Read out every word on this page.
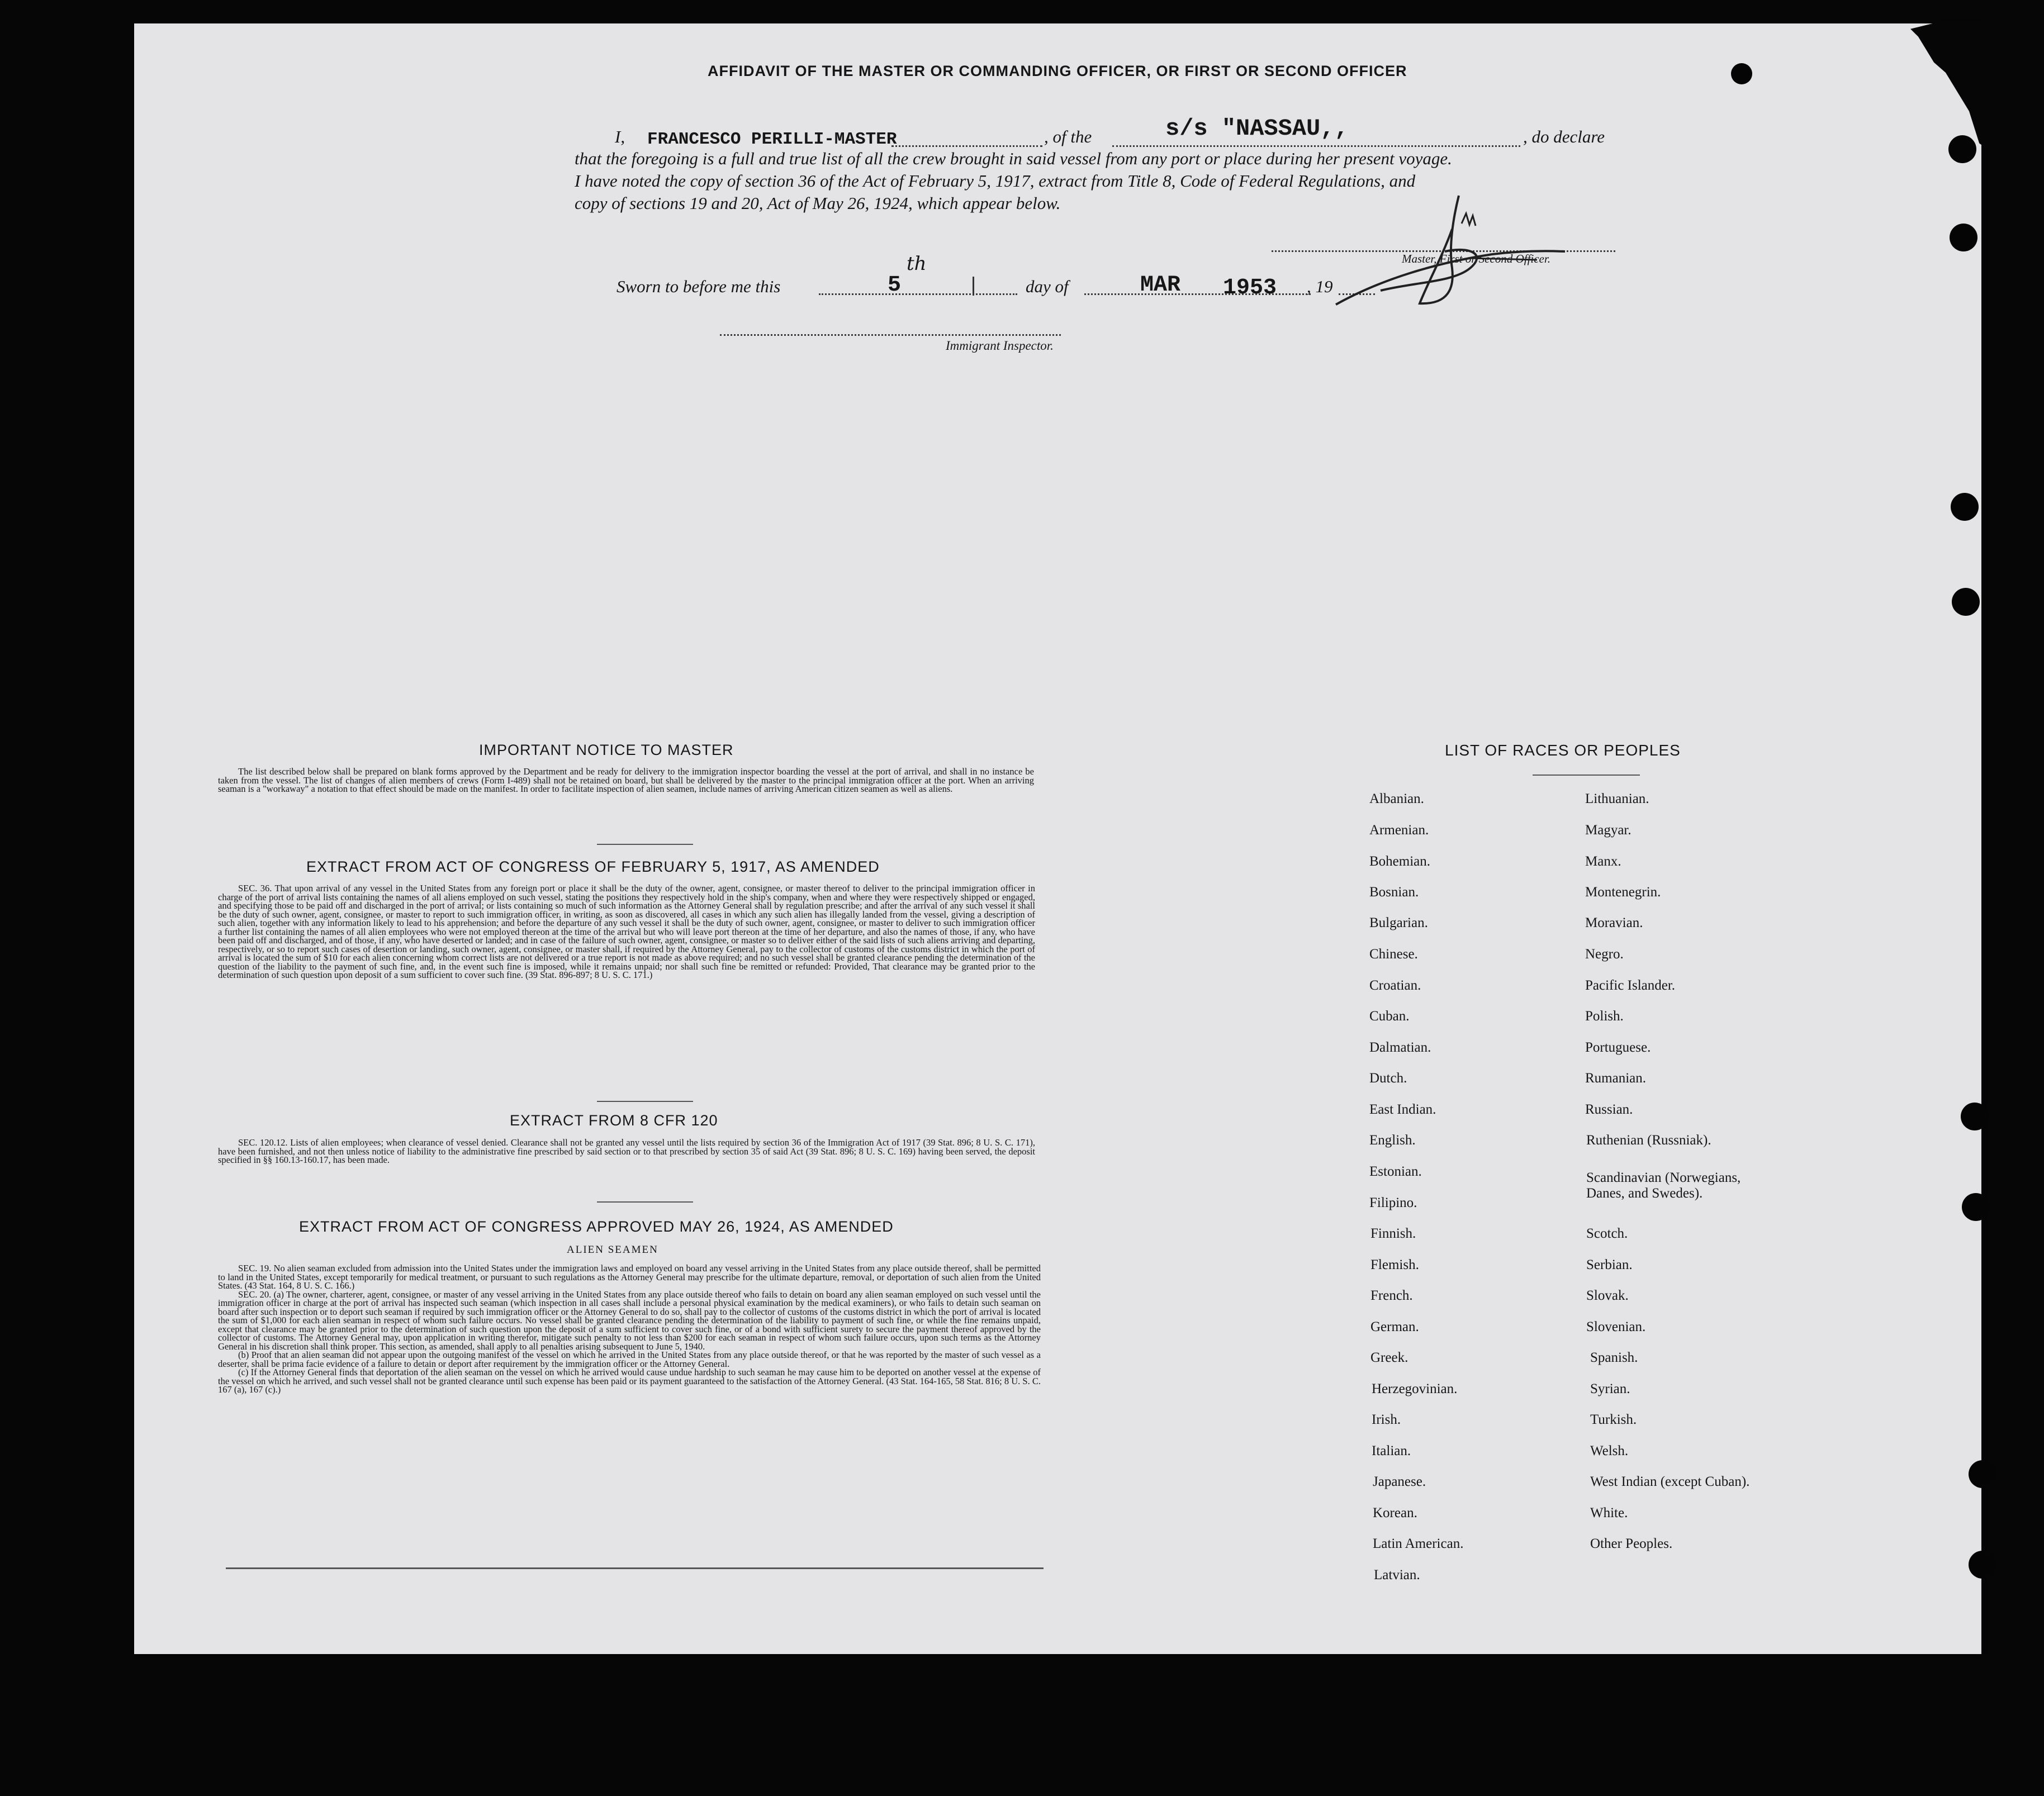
AFFIDAVIT OF THE MASTER OR COMMANDING OFFICER, OR FIRST OR SECOND OFFICER
I, FRANCESCO PERILLI-MASTER	, of the	s/s "NASSAU,,	, do declare
that the foregoing is a full and true list of all the crew brought in said vessel from any port or place during her present voyage.
I have noted the copy of section 36 of the Act of February 5, 1917, extract from Title 8, Code of Federal Regulations, and
copy of sections 19 and 20, Act of May 26, 1924, which appear below.
Sworn to before me this	5
th
day of	MAR 1953 , 19
Master, First or Second Officer.
Immigrant Inspector.
IMPORTANT NOTICE TO MASTER

The list described below shall be prepared on blank forms approved by the Department and be ready for delivery to the immigration inspector boarding the vessel at the port of arrival, and shall in no instance be taken from the vessel. The list of changes of alien members of crews (Form I-489) shall not be retained on board, but shall be delivered by the master to the principal immigration officer at the port. When an arriving seaman is a "workaway" a notation to that effect should be made on the manifest. In order to facilitate inspection of alien seamen, include names of arriving American citizen seamen as well as aliens.

EXTRACT FROM ACT OF CONGRESS OF FEBRUARY 5, 1917, AS AMENDED

SEC. 36. That upon arrival of any vessel in the United States from any foreign port or place it shall be the duty of the owner, agent, consignee, or master thereof to deliver to the principal immigration officer in charge of the port of arrival lists containing the names of all aliens employed on such vessel, stating the positions they respectively hold in the ship's company, when and where they were respectively shipped or engaged, and specifying those to be paid off and discharged in the port of arrival; or lists containing so much of such information as the Attorney General shall by regulation prescribe; and after the arrival of any such vessel it shall be the duty of such owner, agent, consignee, or master to report to such immigration officer, in writing, as soon as discovered, all cases in which any such alien has illegally landed from the vessel, giving a description of such alien, together with any information likely to lead to his apprehension; and before the departure of any such vessel it shall be the duty of such owner, agent, consignee, or master to deliver to such immigration officer a further list containing the names of all alien employees who were not employed thereon at the time of the arrival but who will leave port thereon at the time of her departure, and also the names of those, if any, who have been paid off and discharged, and of those, if any, who have deserted or landed; and in case of the failure of such owner, agent, consignee, or master so to deliver either of the said lists of such aliens arriving and departing, respectively, or so to report such cases of desertion or landing, such owner, agent, consignee, or master shall, if required by the Attorney General, pay to the collector of customs of the customs district in which the port of arrival is located the sum of $10 for each alien concerning whom correct lists are not delivered or a true report is not made as above required; and no such vessel shall be granted clearance pending the determination of the question of the liability to the payment of such fine, and, in the event such fine is imposed, while it remains unpaid; nor shall such fine be remitted or refunded: Provided, That clearance may be granted prior to the determination of such question upon deposit of a sum sufficient to cover such fine. (39 Stat. 896-897; 8 U. S. C. 171.)

EXTRACT FROM 8 CFR 120

SEC. 120.12. Lists of alien employees; when clearance of vessel denied. Clearance shall not be granted any vessel until the lists required by section 36 of the Immigration Act of 1917 (39 Stat. 896; 8 U. S. C. 171), have been furnished, and not then unless notice of liability to the administrative fine prescribed by said section or to that prescribed by section 35 of said Act (39 Stat. 896; 8 U. S. C. 169) having been served, the deposit specified in §§ 160.13-160.17, has been made.

EXTRACT FROM ACT OF CONGRESS APPROVED MAY 26, 1924, AS AMENDED
ALIEN SEAMEN

SEC. 19. No alien seaman excluded from admission into the United States under the immigration laws and employed on board any vessel arriving in the United States from any place outside thereof, shall be permitted to land in the United States, except temporarily for medical treatment, or pursuant to such regulations as the Attorney General may prescribe for the ultimate departure, removal, or deportation of such alien from the United States. (43 Stat. 164, 8 U. S. C. 166.)

SEC. 20. (a) The owner, charterer, agent, consignee, or master of any vessel arriving in the United States from any place outside thereof who fails to detain on board any alien seaman employed on such vessel until the immigration officer in charge at the port of arrival has inspected such seaman (which inspection in all cases shall include a personal physical examination by the medical examiners), or who fails to detain such seaman on board after such inspection or to deport such seaman if required by such immigration officer or the Attorney General to do so, shall pay to the collector of customs of the customs district in which the port of arrival is located the sum of $1,000 for each alien seaman in respect of whom such failure occurs. No vessel shall be granted clearance pending the determination of the liability to payment of such fine, or while the fine remains unpaid, except that clearance may be granted prior to the determination of such question upon the deposit of a sum sufficient to cover such fine, or of a bond with sufficient surety to secure the payment thereof approved by the collector of customs. The Attorney General may, upon application in writing therefor, mitigate such penalty to not less than $200 for each seaman in respect of whom such failure occurs, upon such terms as the Attorney General in his discretion shall think proper. This section, as amended, shall apply to all penalties arising subsequent to June 5, 1940.

(b) Proof that an alien seaman did not appear upon the outgoing manifest of the vessel on which he arrived in the United States from any place outside thereof, or that he was reported by the master of such vessel as a deserter, shall be prima facie evidence of a failure to detain or deport after requirement by the immigration officer or the Attorney General.

(c) If the Attorney General finds that deportation of the alien seaman on the vessel on which he arrived would cause undue hardship to such seaman he may cause him to be deported on another vessel at the expense of the vessel on which he arrived, and such vessel shall not be granted clearance until such expense has been paid or its payment guaranteed to the satisfaction of the Attorney General. (43 Stat. 164-165, 58 Stat. 816; 8 U. S. C. 167 (a), 167 (c).)

LIST OF RACES OR PEOPLES
Albanian.
Armenian.
Bohemian.
Bosnian.
Bulgarian.
Chinese.
Croatian.
Cuban.
Dalmatian.
Dutch.
East Indian.
English.
Estonian.
Filipino.
Finnish.
Flemish.
French.
German.
Greek.
Herzegovinian.
Irish.
Italian.
Japanese.
Korean.
Latin American.
Latvian.
Lithuanian.
Magyar.
Manx.
Montenegrin.
Moravian.
Negro.
Pacific Islander.
Polish.
Portuguese.
Rumanian.
Russian.
Ruthenian (Russniak).
Scandinavian (Norwegians, Danes, and Swedes).
Scotch.
Serbian.
Slovak.
Slovenian.
Spanish.
Syrian.
Turkish.
Welsh.
West Indian (except Cuban).
White.
Other Peoples.
